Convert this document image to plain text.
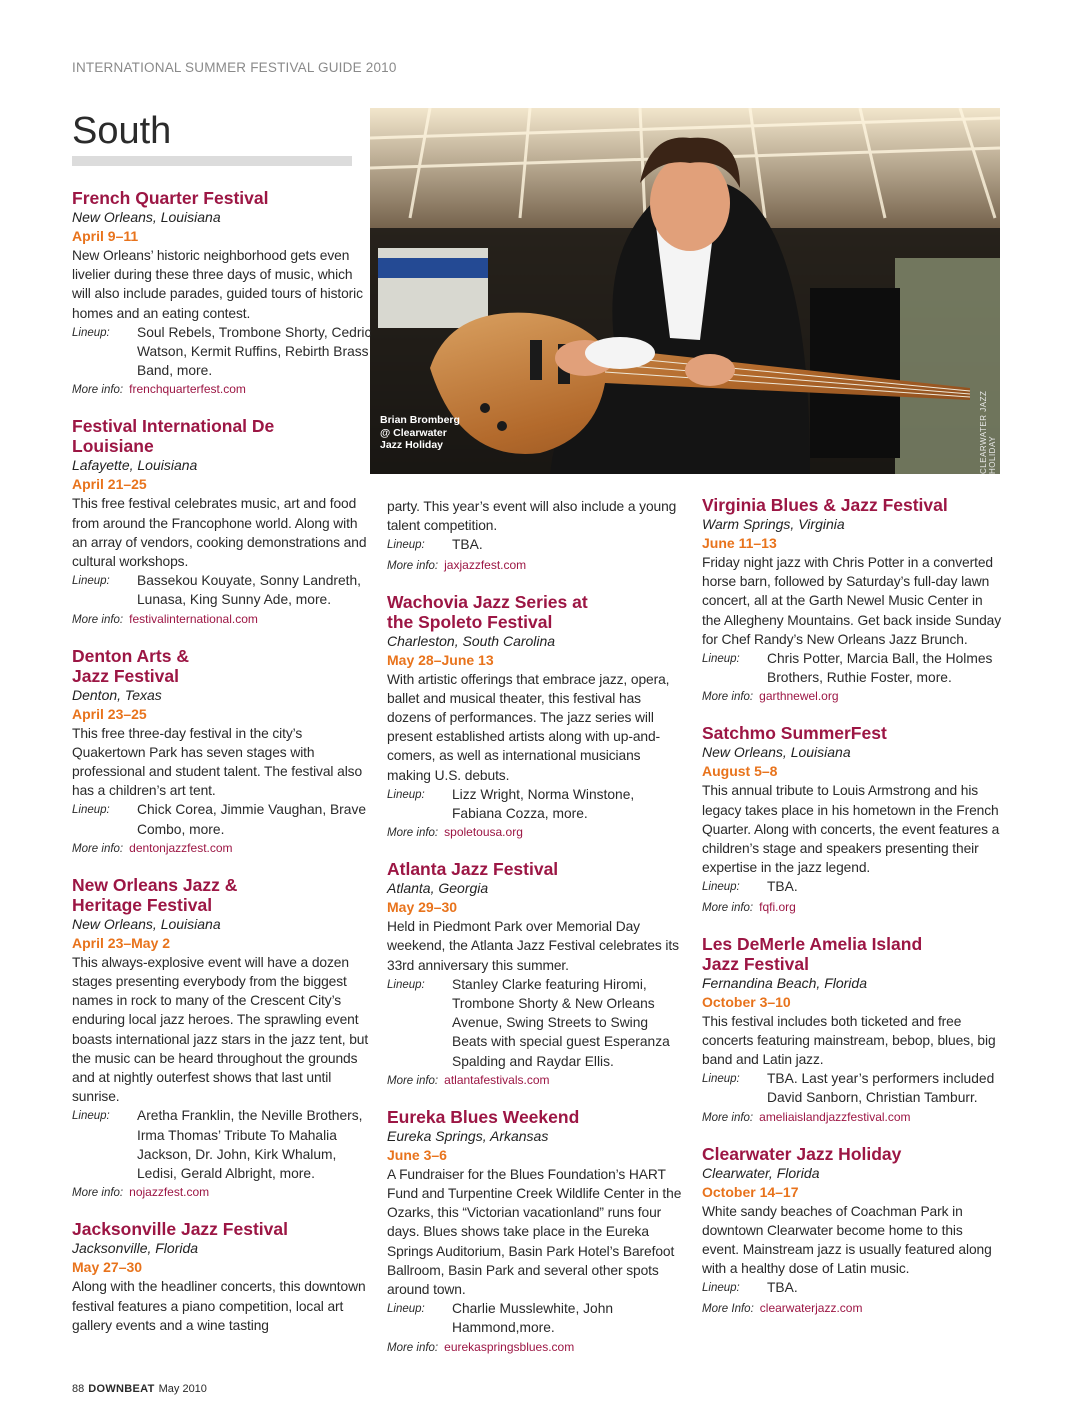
INTERNATIONAL SUMMER FESTIVAL GUIDE 2010
South
Brian Bromberg @ Clearwater Jazz Holiday	CLEARWATER JAZZ HOLIDAY
French Quarter Festival
New Orleans, Louisiana
April 9–11

New Orleans’ historic neighborhood gets even livelier during these three days of music, which will also include parades, guided tours of historic homes and an eating contest.

Lineup:	Soul Rebels, Trombone Shorty, Cedric Watson, Kermit Ruffins, Rebirth Brass Band, more.
More info: frenchquarterfest.com
Festival International De Louisiane
Lafayette, Louisiana
April 21–25

This free festival celebrates music, art and food from around the Francophone world. Along with an array of vendors, cooking demonstrations and cultural workshops.

Lineup:	Bassekou Kouyate, Sonny Landreth, Lunasa, King Sunny Ade, more.
More info: festivalinternational.com
Denton Arts & Jazz Festival
Denton, Texas
April 23–25

This free three-day festival in the city’s Quakertown Park has seven stages with professional and student talent. The festival also has a children’s art tent.

Lineup:	Chick Corea, Jimmie Vaughan, Brave Combo, more.
More info: dentonjazzfest.com
New Orleans Jazz & Heritage Festival
New Orleans, Louisiana
April 23–May 2

This always-explosive event will have a dozen stages presenting everybody from the biggest names in rock to many of the Crescent City’s enduring local jazz heroes. The sprawling event boasts international jazz stars in the jazz tent, but the music can be heard throughout the grounds and at nightly outerfest shows that last until sunrise.

Lineup:	Aretha Franklin, the Neville Brothers, Irma Thomas’ Tribute To Mahalia Jackson, Dr. John, Kirk Whalum, Ledisi, Gerald Albright, more.
More info: nojazzfest.com
Jacksonville Jazz Festival
Jacksonville, Florida
May 27–30

Along with the headliner concerts, this downtown festival features a piano competition, local art gallery events and a wine tasting

party. This year’s event will also include a young talent competition.

Lineup:	TBA.
More info: jaxjazzfest.com
Wachovia Jazz Series at the Spoleto Festival
Charleston, South Carolina
May 28–June 13

With artistic offerings that embrace jazz, opera, ballet and musical theater, this festival has dozens of performances. The jazz series will present established artists along with up-and-comers, as well as international musicians making U.S. debuts.

Lineup:	Lizz Wright, Norma Winstone, Fabiana Cozza, more.
More info: spoletousa.org
Atlanta Jazz Festival
Atlanta, Georgia
May 29–30

Held in Piedmont Park over Memorial Day weekend, the Atlanta Jazz Festival celebrates its 33rd anniversary this summer.

Lineup:	Stanley Clarke featuring Hiromi, Trombone Shorty & New Orleans Avenue, Swing Streets to Swing Beats with special guest Esperanza Spalding and Raydar Ellis.
More info: atlantafestivals.com
Eureka Blues Weekend
Eureka Springs, Arkansas
June 3–6

A Fundraiser for the Blues Foundation’s HART Fund and Turpentine Creek Wildlife Center in the Ozarks, this “Victorian vacationland” runs four days. Blues shows take place in the Eureka Springs Auditorium, Basin Park Hotel’s Barefoot Ballroom, Basin Park and several other spots around town.

Lineup:	Charlie Musslewhite, John Hammond,more.
More info: eurekaspringsblues.com
Virginia Blues & Jazz Festival
Warm Springs, Virginia
June 11–13

Friday night jazz with Chris Potter in a converted horse barn, followed by Saturday’s full-day lawn concert, all at the Garth Newel Music Center in the Allegheny Mountains. Get back inside Sunday for Chef Randy’s New Orleans Jazz Brunch.

Lineup:	Chris Potter, Marcia Ball, the Holmes Brothers, Ruthie Foster, more.
More info: garthnewel.org
Satchmo SummerFest
New Orleans, Louisiana
August 5–8

This annual tribute to Louis Armstrong and his legacy takes place in his hometown in the French Quarter. Along with concerts, the event features a children’s stage and speakers presenting their expertise in the jazz legend.

Lineup:	TBA.
More info: fqfi.org
Les DeMerle Amelia Island Jazz Festival
Fernandina Beach, Florida
October 3–10

This festival includes both ticketed and free concerts featuring mainstream, bebop, blues, big band and Latin jazz.

Lineup:	TBA. Last year’s performers included David Sanborn, Christian Tamburr.
More info: ameliaislandjazzfestival.com
Clearwater Jazz Holiday
Clearwater, Florida
October 14–17

White sandy beaches of Coachman Park in downtown Clearwater become home to this event. Mainstream jazz is usually featured along with a healthy dose of Latin music.

Lineup:	TBA.
More Info: clearwaterjazz.com
88 DOWNBEAT May 2010
